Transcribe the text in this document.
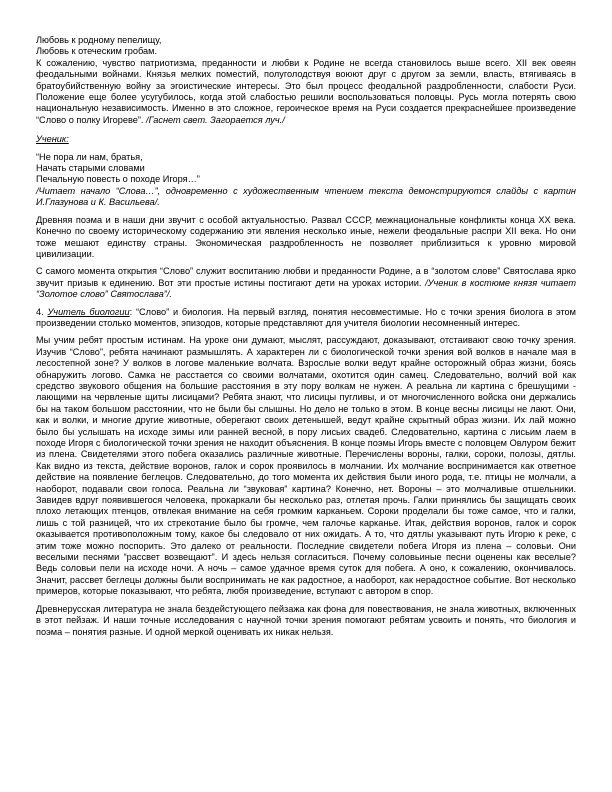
Любовь к родному пепелищу,
Любовь к отеческим гробам.
К сожалению, чувство патриотизма, преданности и любви к Родине не всегда становилось выше всего. XII век овеян феодальными войнами. Князья мелких поместий, полуголодствуя воюют друг с другом за земли, власть, втягиваясь в братоубийственную войну за эгоистические интересы. Это был процесс феодальной раздробленности, слабости Руси. Положение еще более усугубилось, когда этой слабостью решили воспользоваться половцы. Русь могла потерять свою национальную независимость. Именно в это сложное, героическое время на Руси создается прекраснейшее произведение “Слово о полку Игореве”. /Гаснет свет. Загорается луч./
Ученик:
“Не пора ли нам, братья,
Начать старыми словами
Печальную повесть о походе Игоря…”
/Читает начало “Слова…”, одновременно с художественным чтением текста демонстрируются слайды с картин И.Глазунова и К. Васильева/.
Древняя поэма и в наши дни звучит с особой актуальностью. Развал СССР, межнациональные конфликты конца XX века. Конечно по своему историческому содержанию эти явления несколько иные, нежели феодальные распри XII века. Но они тоже мешают единству страны. Экономическая раздробленность не позволяет приблизиться к уровню мировой цивилизации.
С самого момента открытия “Слово” служит воспитанию любви и преданности Родине, а в “золотом слове” Святослава ярко звучит призыв к единению. Вот эти простые истины постигают дети на уроках истории. /Ученик в костюме князя читает “Золотое слово” Святослава”/.
4. Учитель биологии: “Слово” и биология. На первый взгляд, понятия несовместимые. Но с точки зрения биолога в этом произведении столько моментов, эпизодов, которые представляют для учителя биологии несомненный интерес.
Мы учим ребят простым истинам. На уроке они думают, мыслят, рассуждают, доказывают, отстаивают свою точку зрения. Изучив “Слово”, ребята начинают размышлять. А характерен ли с биологической точки зрения вой волков в начале мая в лесостепной зоне? У волков в логове маленькие волчата. Взрослые волки ведут крайне осторожный образ жизни, боясь обнаружить логово. Самка не расстается со своими волчатами, охотится один самец. Следовательно, волчий вой как средство звукового общения на большие расстояния в эту пору волкам не нужен. А реальна ли картина с брешущими - лающими на червленые щиты лисицами? Ребята знают, что лисицы пугливы, и от многочисленного войска они держались бы на таком большом расстоянии, что не были бы слышны. Но дело не только в этом. В конце весны лисицы не лают. Они, как и волки, и многие другие животные, оберегают своих детенышей, ведут крайне скрытный образ жизни. Их лай можно было бы услышать на исходе зимы или ранней весной, в пору лисьих свадеб. Следовательно, картина с лисьим лаем в походе Игоря с биологической точки зрения не находит объяснения. В конце поэмы Игорь вместе с половцем Овлуром бежит из плена. Свидетелями этого побега оказались различные животные. Перечислены вороны, галки, сороки, полозы, дятлы. Как видно из текста, действие воронов, галок и сорок проявилось в молчании. Их молчание воспринимается как ответное действие на появление беглецов. Следовательно, до того момента их действия были иного рода, т.е. птицы не молчали, а наоборот, подавали свои голоса. Реальна ли “звуковая” картина? Конечно, нет. Вороны – это молчаливые отшельники. Завидев вдруг появившегося человека, прокаркали бы несколько раз, отлетая прочь. Галки принялись бы защищать своих плохо летающих птенцов, отвлекая внимание на себя громким карканьем. Сороки проделали бы тоже самое, что и галки, лишь с той разницей, что их стрекотание было бы громче, чем галочье карканье. Итак, действия воронов, галок и сорок оказывается противоположным тому, какое бы следовало от них ожидать. А то, что дятлы указывают путь Игорю к реке, с этим тоже можно поспорить. Это далеко от реальности. Последние свидетели побега Игоря из плена – соловьи. Они веселыми песнями “рассвет возвещают”. И здесь нельзя согласиться. Почему соловьиные песни оценены как веселые? Ведь соловьи пели на исходе ночи. А ночь – самое удачное время суток для побега. А оно, к сожалению, окончивалось. Значит, рассвет беглецы должны были воспринимать не как радостное, а наоборот, как нерадостное событие. Вот несколько примеров, которые показывают, что ребята, любя произведение, вступают с автором в спор.
Древнерусская литература не знала бездейстующего пейзажа как фона для повествования, не знала животных, включенных в этот пейзаж. И наши точные исследования с научной точки зрения помогают ребятам усвоить и понять, что биология и поэма – понятия разные. И одной меркой оценивать их никак нельзя.
